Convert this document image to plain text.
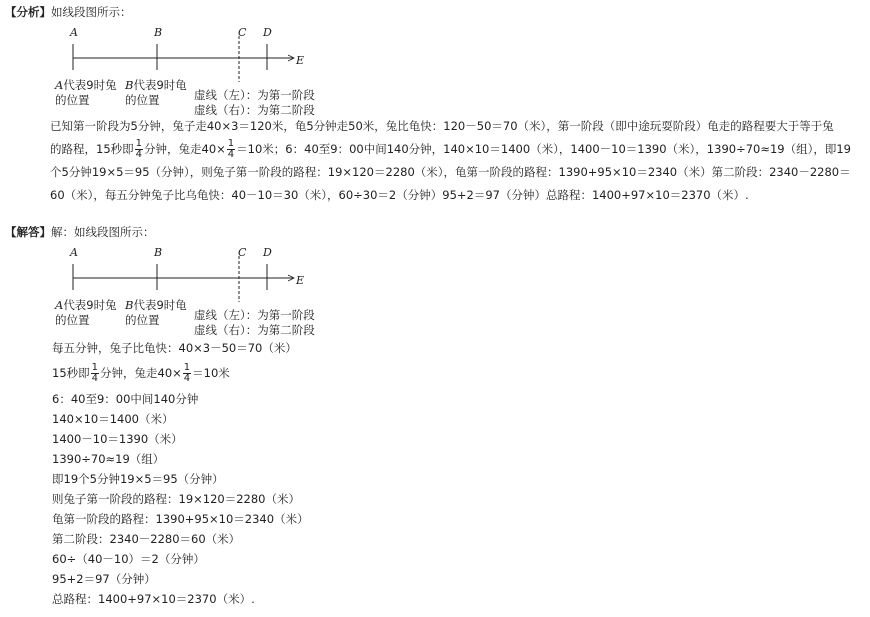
【分析】如线段图所示：
A	B	C D
E
A代表9时兔
的位置
B代表9时龟
的位置	虚线（左）：为第一阶段
虚线（右）：为第二阶段
已知第一阶段为5分钟，兔子走40×3＝120米，龟5分钟走50米，兔比龟快：120－50＝70（米），第一阶段（即中途玩耍阶段）龟走的路程要大于等于兔
的路程，15秒即 $\frac{1}{4}$ 分钟，兔走$40\times \frac{1}{4} =10$米；6：40至9：00中间140分钟，140×10＝1400（米），1400－10＝1390（米），1390÷70≈19（组），即19
个5分钟19×5＝95（分钟），则兔子第一阶段的路程：19×120＝2280（米），龟第一阶段的路程：1390+95×10＝2340（米）第二阶段：2340－2280＝
60（米），每五分钟兔子比乌龟快：40－10＝30（米），60÷30＝2（分钟）95+2＝97（分钟）总路程：1400+97×10＝2370（米）.
【解答】解：如线段图所示：
A	B	C D
E
A代表9时兔
的位置
B代表9时龟
的位置	虚线（左）：为第一阶段
虚线（右）：为第二阶段
每五分钟，兔子比龟快：40×3－50＝70（米）
15秒即 $\frac{1}{4}$ 分钟，兔走$40\times \frac{1}{4} =10$米
6：40至9：00中间140分钟
140×10＝1400（米）
1400－10＝1390（米）
1390÷70≈19（组）
即19个5分钟19×5＝95（分钟）
则兔子第一阶段的路程：19×120＝2280（米）
龟第一阶段的路程：1390+95×10＝2340（米）
第二阶段：2340－2280＝60（米）
60÷（40－10）＝2（分钟）
95+2＝97（分钟）
总路程：1400+97×10＝2370（米）.
